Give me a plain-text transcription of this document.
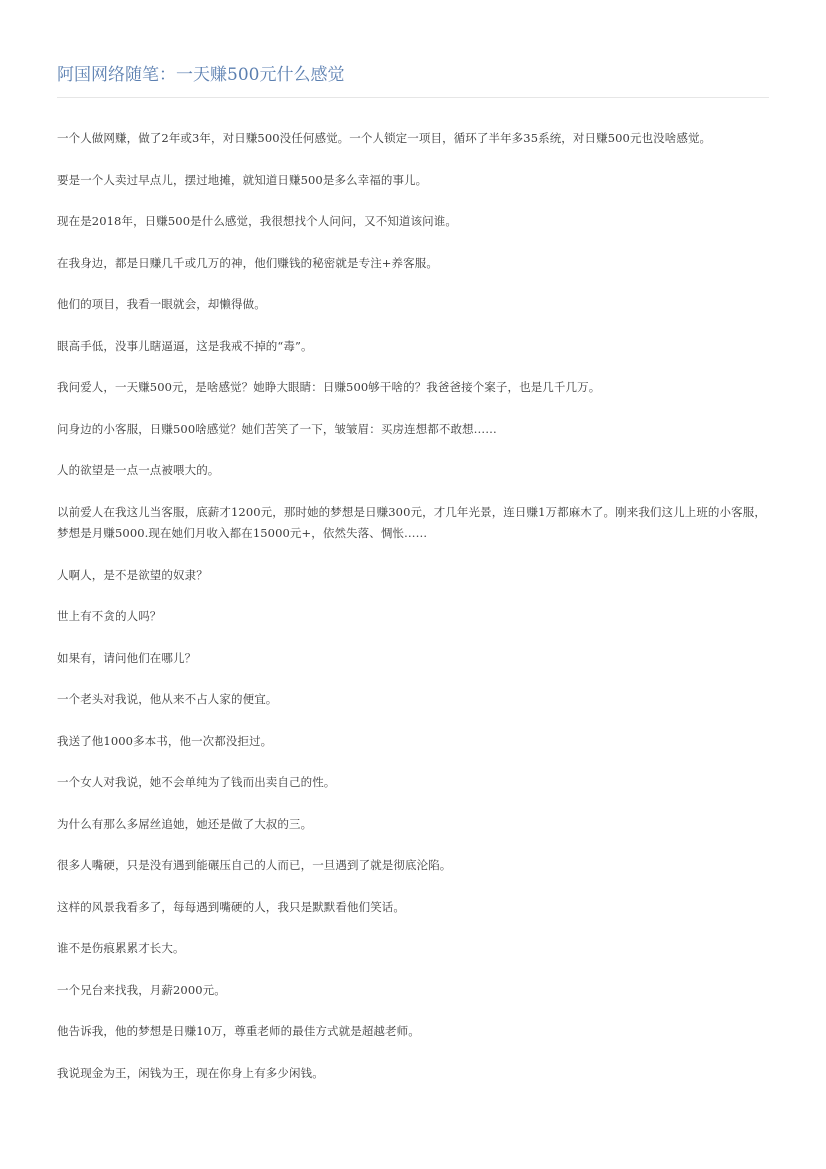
阿国网络随笔：一天赚500元什么感觉

一个人做网赚，做了2年或3年，对日赚500没任何感觉。一个人锁定一项目，循环了半年多35系统，对日赚500元也没啥感觉。

要是一个人卖过早点儿，摆过地摊，就知道日赚500是多么幸福的事儿。

现在是2018年，日赚500是什么感觉，我很想找个人问问，又不知道该问谁。

在我身边，都是日赚几千或几万的神，他们赚钱的秘密就是专注+养客服。

他们的项目，我看一眼就会，却懒得做。

眼高手低，没事儿瞎逼逼，这是我戒不掉的“毒”。

我问爱人，一天赚500元，是啥感觉？她睁大眼睛：日赚500够干啥的？我爸爸接个案子，也是几千几万。

问身边的小客服，日赚500啥感觉？她们苦笑了一下，皱皱眉：买房连想都不敢想……

人的欲望是一点一点被喂大的。

以前爱人在我这儿当客服，底薪才1200元，那时她的梦想是日赚300元，才几年光景，连日赚1万都麻木了。刚来我们这儿上班的小客服，梦想是月赚5000.现在她们月收入都在15000元+，依然失落、惆怅……

人啊人，是不是欲望的奴隶？

世上有不贪的人吗？

如果有，请问他们在哪儿？

一个老头对我说，他从来不占人家的便宜。

我送了他1000多本书，他一次都没拒过。

一个女人对我说，她不会单纯为了钱而出卖自己的性。

为什么有那么多屌丝追她，她还是做了大叔的三。

很多人嘴硬，只是没有遇到能碾压自己的人而已，一旦遇到了就是彻底沦陷。

这样的风景我看多了，每每遇到嘴硬的人，我只是默默看他们笑话。

谁不是伤痕累累才长大。

一个兄台来找我，月薪2000元。

他告诉我，他的梦想是日赚10万，尊重老师的最佳方式就是超越老师。

我说现金为王，闲钱为王，现在你身上有多少闲钱。
